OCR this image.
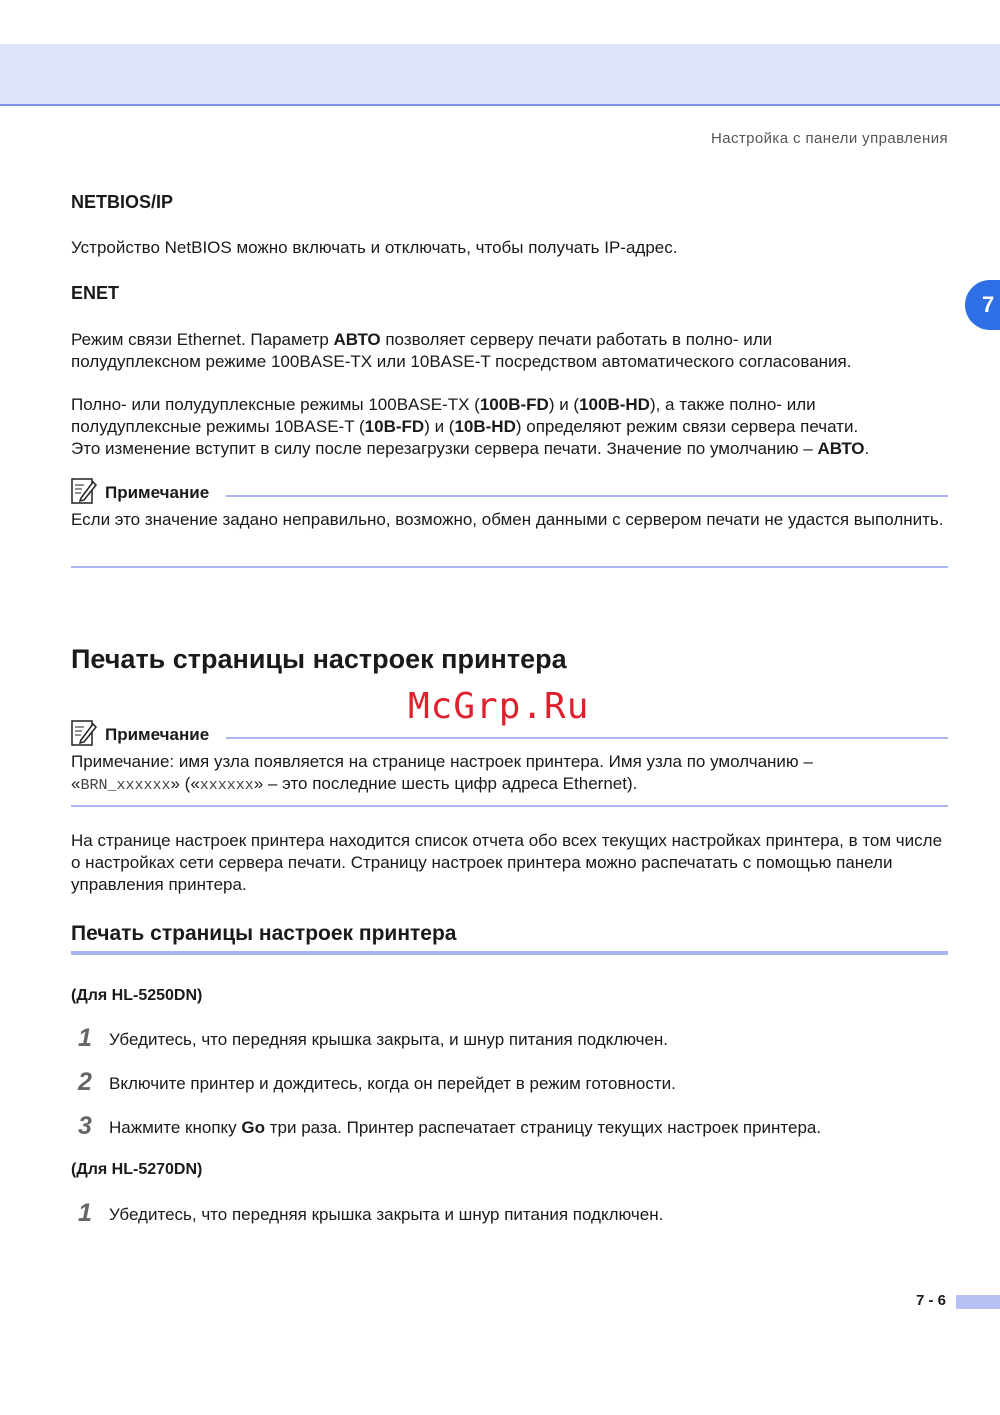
Настройка с панели управления
7
NETBIOS/IP
Устройство NetBIOS можно включать и отключать, чтобы получать IP-адрес.
ENET
Режим связи Ethernet. Параметр АВТО позволяет серверу печати работать в полно- или
полудуплексном режиме 100BASE-TX или 10BASE-T посредством автоматического согласования.
Полно- или полудуплексные режимы 100BASE-TX (100B-FD) и (100B-HD), а также полно- или
полудуплексные режимы 10BASE-T (10B-FD) и (10B-HD) определяют режим связи сервера печати.
Это изменение вступит в силу после перезагрузки сервера печати. Значение по умолчанию – АВТО.
Примечание
Если это значение задано неправильно, возможно, обмен данными с сервером печати не удастся выполнить.
Печать страницы настроек принтера
McGrp.Ru
Примечание
Примечание: имя узла появляется на странице настроек принтера. Имя узла по умолчанию –
«BRN_xxxxxx» («xxxxxx» – это последние шесть цифр адреса Ethernet).
На странице настроек принтера находится список отчета обо всех текущих настройках принтера, в том числе о настройках сети сервера печати. Страницу настроек принтера можно распечатать с помощью панели управления принтера.
Печать страницы настроек принтера
(Для HL-5250DN)
1 Убедитесь, что передняя крышка закрыта, и шнур питания подключен.
2 Включите принтер и дождитесь, когда он перейдет в режим готовности.
3 Нажмите кнопку Go три раза. Принтер распечатает страницу текущих настроек принтера.
(Для HL-5270DN)
1 Убедитесь, что передняя крышка закрыта и шнур питания подключен.
7 - 6
